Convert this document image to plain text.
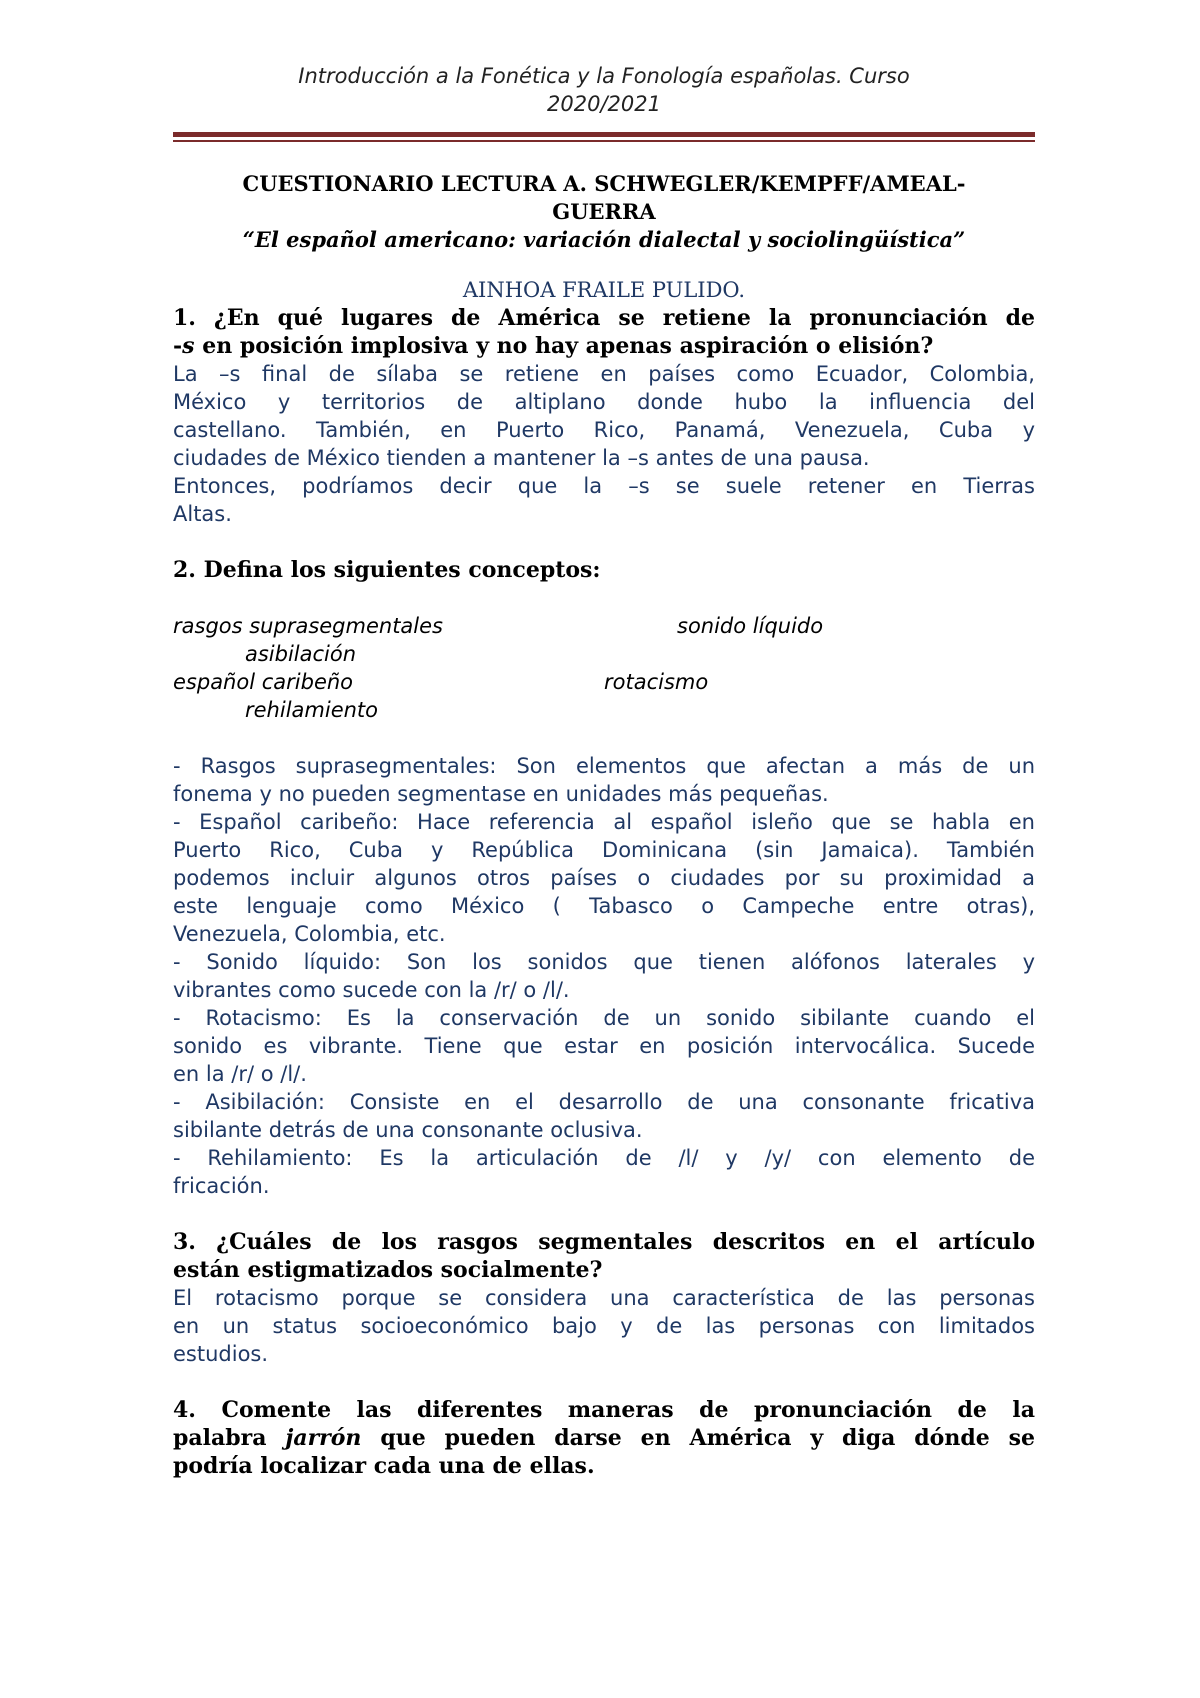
Introducción a la Fonética y la Fonología españolas. Curso
2020/2021
CUESTIONARIO LECTURA A. SCHWEGLER/KEMPFF/AMEAL-
GUERRA
“El español americano: variación dialectal y sociolingüística”
AINHOA FRAILE PULIDO.
1. ¿En qué lugares de América se retiene la pronunciación de
-s en posición implosiva y no hay apenas aspiración o elisión?
La –s final de sílaba se retiene en países como Ecuador, Colombia,
México y territorios de altiplano donde hubo la influencia del
castellano. También, en Puerto Rico, Panamá, Venezuela, Cuba y
ciudades de México tienden a mantener la –s antes de una pausa.
Entonces, podríamos decir que la –s se suele retener en Tierras
Altas.
2. Defina los siguientes conceptos:
rasgos suprasegmentales	sonido líquido
asibilación
español caribeño	rotacismo
rehilamiento
- Rasgos suprasegmentales: Son elementos que afectan a más de un
fonema y no pueden segmentase en unidades más pequeñas.
- Español caribeño: Hace referencia al español isleño que se habla en
Puerto Rico, Cuba y República Dominicana (sin Jamaica). También
podemos incluir algunos otros países o ciudades por su proximidad a
este lenguaje como México ( Tabasco o Campeche entre otras),
Venezuela, Colombia, etc.
- Sonido líquido: Son los sonidos que tienen alófonos laterales y
vibrantes como sucede con la /r/ o /l/.
- Rotacismo: Es la conservación de un sonido sibilante cuando el
sonido es vibrante. Tiene que estar en posición intervocálica. Sucede
en la /r/ o /l/.
- Asibilación: Consiste en el desarrollo de una consonante fricativa
sibilante detrás de una consonante oclusiva.
- Rehilamiento: Es la articulación de /l/ y /y/ con elemento de
fricación.
3. ¿Cuáles de los rasgos segmentales descritos en el artículo
están estigmatizados socialmente?
El rotacismo porque se considera una característica de las personas
en un status socioeconómico bajo y de las personas con limitados
estudios.
4. Comente las diferentes maneras de pronunciación de la
palabra jarrón que pueden darse en América y diga dónde se
podría localizar cada una de ellas.
